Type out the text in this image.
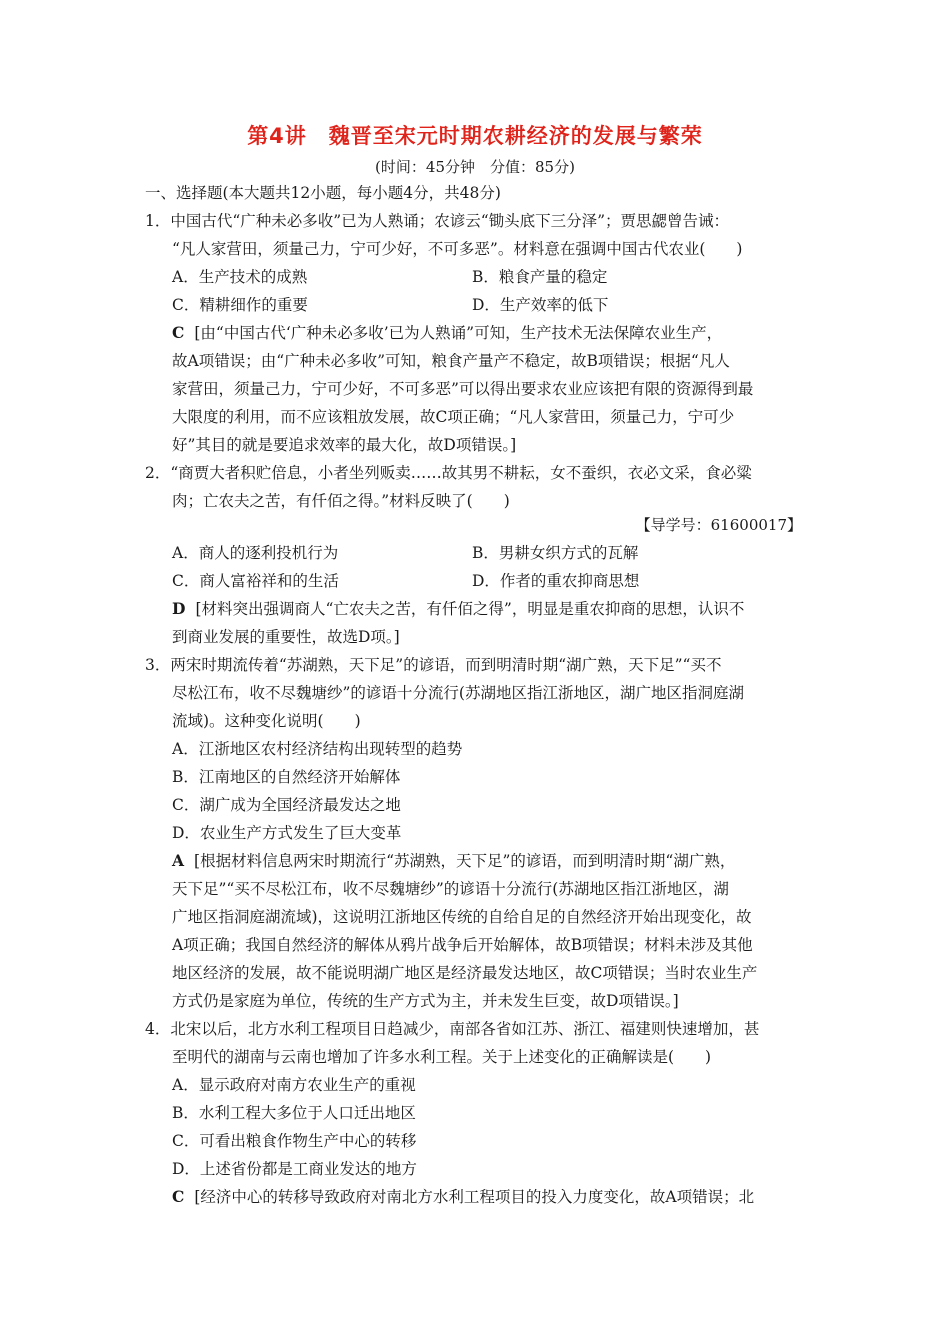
第4讲　魏晋至宋元时期农耕经济的发展与繁荣
(时间：45分钟　分值：85分)
一、选择题(本大题共12小题，每小题4分，共48分)
1．中国古代“广种未必多收”已为人熟诵；农谚云“锄头底下三分泽”；贾思勰曾告诫：
“凡人家营田，须量己力，宁可少好，不可多恶”。材料意在强调中国古代农业(　　)
A．生产技术的成熟	B．粮食产量的稳定
C．精耕细作的重要	D．生产效率的低下
C [由“中国古代‘广种未必多收’已为人熟诵”可知，生产技术无法保障农业生产，
故A项错误；由“广种未必多收”可知，粮食产量产不稳定，故B项错误；根据“凡人
家营田，须量己力，宁可少好，不可多恶”可以得出要求农业应该把有限的资源得到最
大限度的利用，而不应该粗放发展，故C项正确；“凡人家营田，须量己力，宁可少
好”其目的就是要追求效率的最大化，故D项错误。]
2．“商贾大者积贮倍息，小者坐列贩卖……故其男不耕耘，女不蚕织，衣必文采，食必粱
肉；亡农夫之苦，有仟佰之得。”材料反映了(　　)
【导学号：61600017】
A．商人的逐利投机行为	B．男耕女织方式的瓦解
C．商人富裕祥和的生活	D．作者的重农抑商思想
D [材料突出强调商人“亡农夫之苦，有仟佰之得”，明显是重农抑商的思想，认识不
到商业发展的重要性，故选D项。]
3．两宋时期流传着“苏湖熟，天下足”的谚语，而到明清时期“湖广熟，天下足”“买不
尽松江布，收不尽魏塘纱”的谚语十分流行(苏湖地区指江浙地区，湖广地区指洞庭湖
流域)。这种变化说明(　　)
A．江浙地区农村经济结构出现转型的趋势
B．江南地区的自然经济开始解体
C．湖广成为全国经济最发达之地
D．农业生产方式发生了巨大变革
A [根据材料信息两宋时期流行“苏湖熟，天下足”的谚语，而到明清时期“湖广熟，
天下足”“买不尽松江布，收不尽魏塘纱”的谚语十分流行(苏湖地区指江浙地区，湖
广地区指洞庭湖流域)，这说明江浙地区传统的自给自足的自然经济开始出现变化，故
A项正确；我国自然经济的解体从鸦片战争后开始解体，故B项错误；材料未涉及其他
地区经济的发展，故不能说明湖广地区是经济最发达地区，故C项错误；当时农业生产
方式仍是家庭为单位，传统的生产方式为主，并未发生巨变，故D项错误。]
4．北宋以后，北方水利工程项目日趋减少，南部各省如江苏、浙江、福建则快速增加，甚
至明代的湖南与云南也增加了许多水利工程。关于上述变化的正确解读是(　　)
A．显示政府对南方农业生产的重视
B．水利工程大多位于人口迁出地区
C．可看出粮食作物生产中心的转移
D．上述省份都是工商业发达的地方
C [经济中心的转移导致政府对南北方水利工程项目的投入力度变化，故A项错误；北
